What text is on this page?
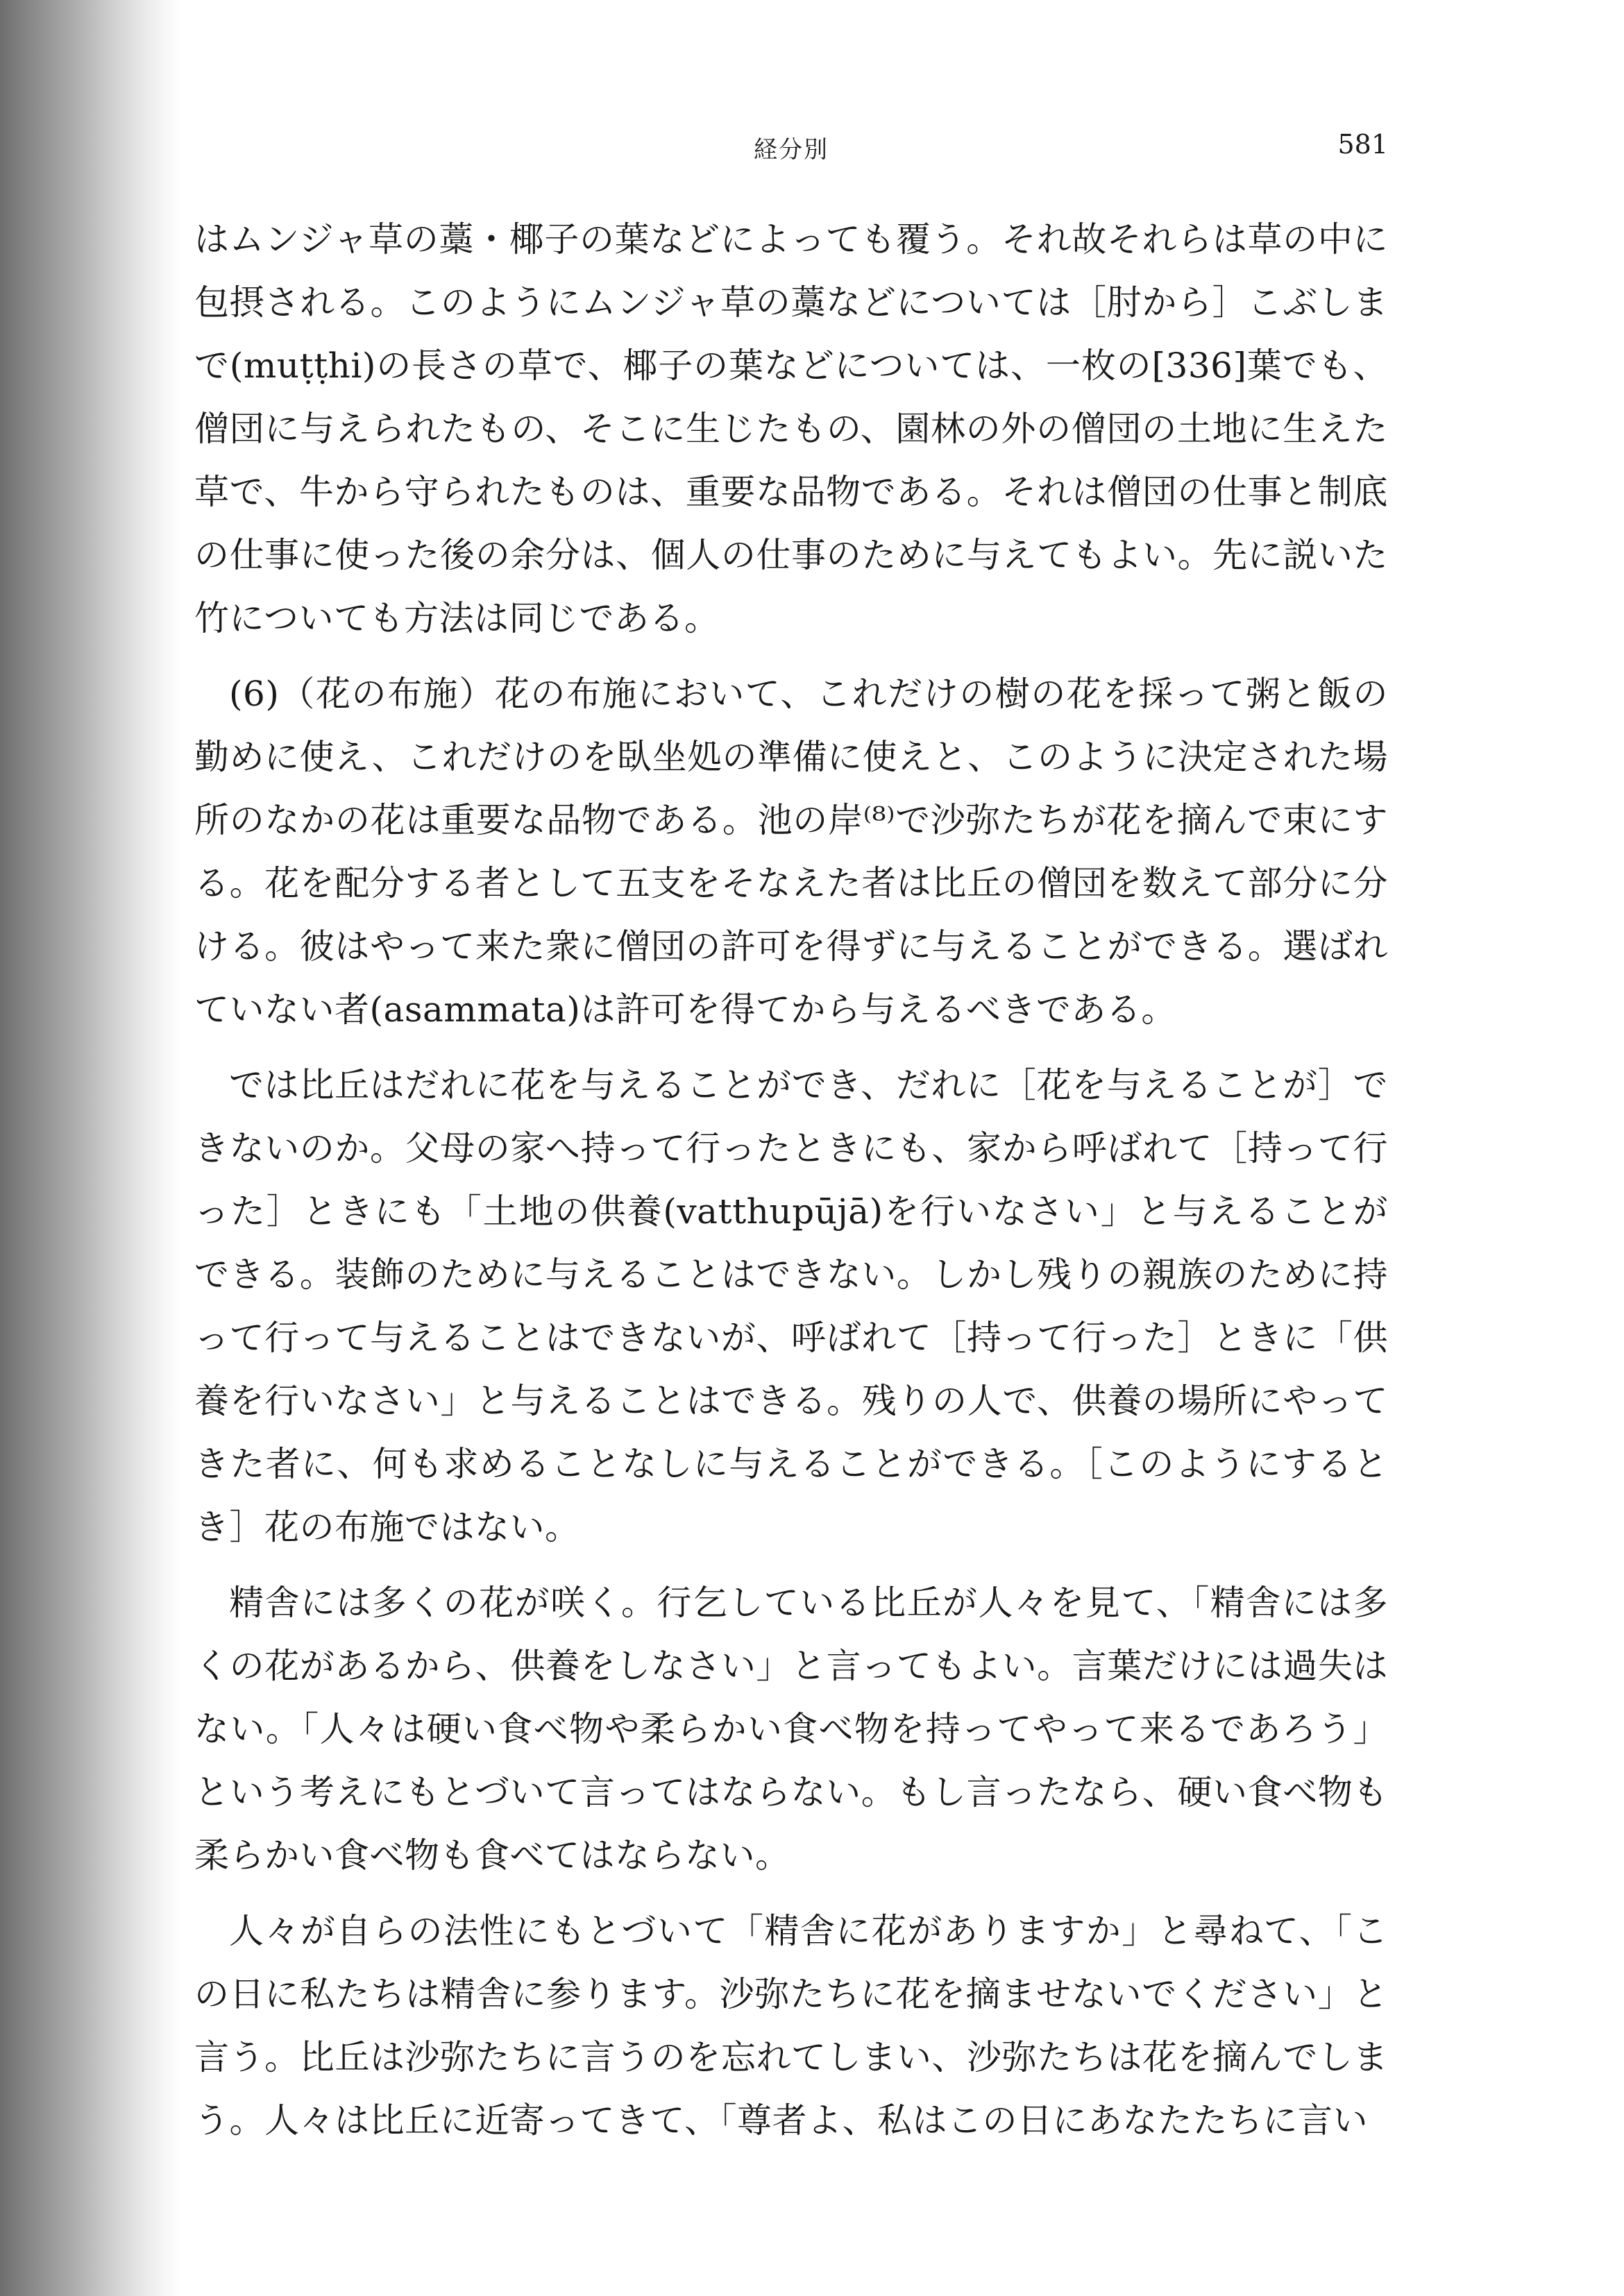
経分別	581

はムンジャ草の藁・椰子の葉などによっても覆う。それ故それらは草の中に包摂される。このようにムンジャ草の藁などについては［肘から］こぶしまで(muṭṭhi)の長さの草で、椰子の葉などについては、一枚の[336]葉でも、僧団に与えられたもの、そこに生じたもの、園林の外の僧団の土地に生えた草で、牛から守られたものは、重要な品物である。それは僧団の仕事と制底の仕事に使った後の余分は、個人の仕事のために与えてもよい。先に説いた竹についても方法は同じである。

(6)（花の布施）花の布施において、これだけの樹の花を採って粥と飯の勤めに使え、これだけのを臥坐処の準備に使えと、このように決定された場所のなかの花は重要な品物である。池の岸⁽⁸⁾で沙弥たちが花を摘んで束にする。花を配分する者として五支をそなえた者は比丘の僧団を数えて部分に分ける。彼はやって来た衆に僧団の許可を得ずに与えることができる。選ばれていない者(asammata)は許可を得てから与えるべきである。

では比丘はだれに花を与えることができ、だれに［花を与えることが］できないのか。父母の家へ持って行ったときにも、家から呼ばれて［持って行った］ときにも「土地の供養(vatthupūjā)を行いなさい」と与えることができる。装飾のために与えることはできない。しかし残りの親族のために持って行って与えることはできないが、呼ばれて［持って行った］ときに「供養を行いなさい」と与えることはできる。残りの人で、供養の場所にやってきた者に、何も求めることなしに与えることができる。［このようにするとき］花の布施ではない。

精舎には多くの花が咲く。行乞している比丘が人々を見て、「精舎には多くの花があるから、供養をしなさい」と言ってもよい。言葉だけには過失はない。「人々は硬い食べ物や柔らかい食べ物を持ってやって来るであろう」という考えにもとづいて言ってはならない。もし言ったなら、硬い食べ物も柔らかい食べ物も食べてはならない。

人々が自らの法性にもとづいて「精舎に花がありますか」と尋ねて、「この日に私たちは精舎に参ります。沙弥たちに花を摘ませないでください」と言う。比丘は沙弥たちに言うのを忘れてしまい、沙弥たちは花を摘んでしまう。人々は比丘に近寄ってきて、「尊者よ、私はこの日にあなたたちに言い
